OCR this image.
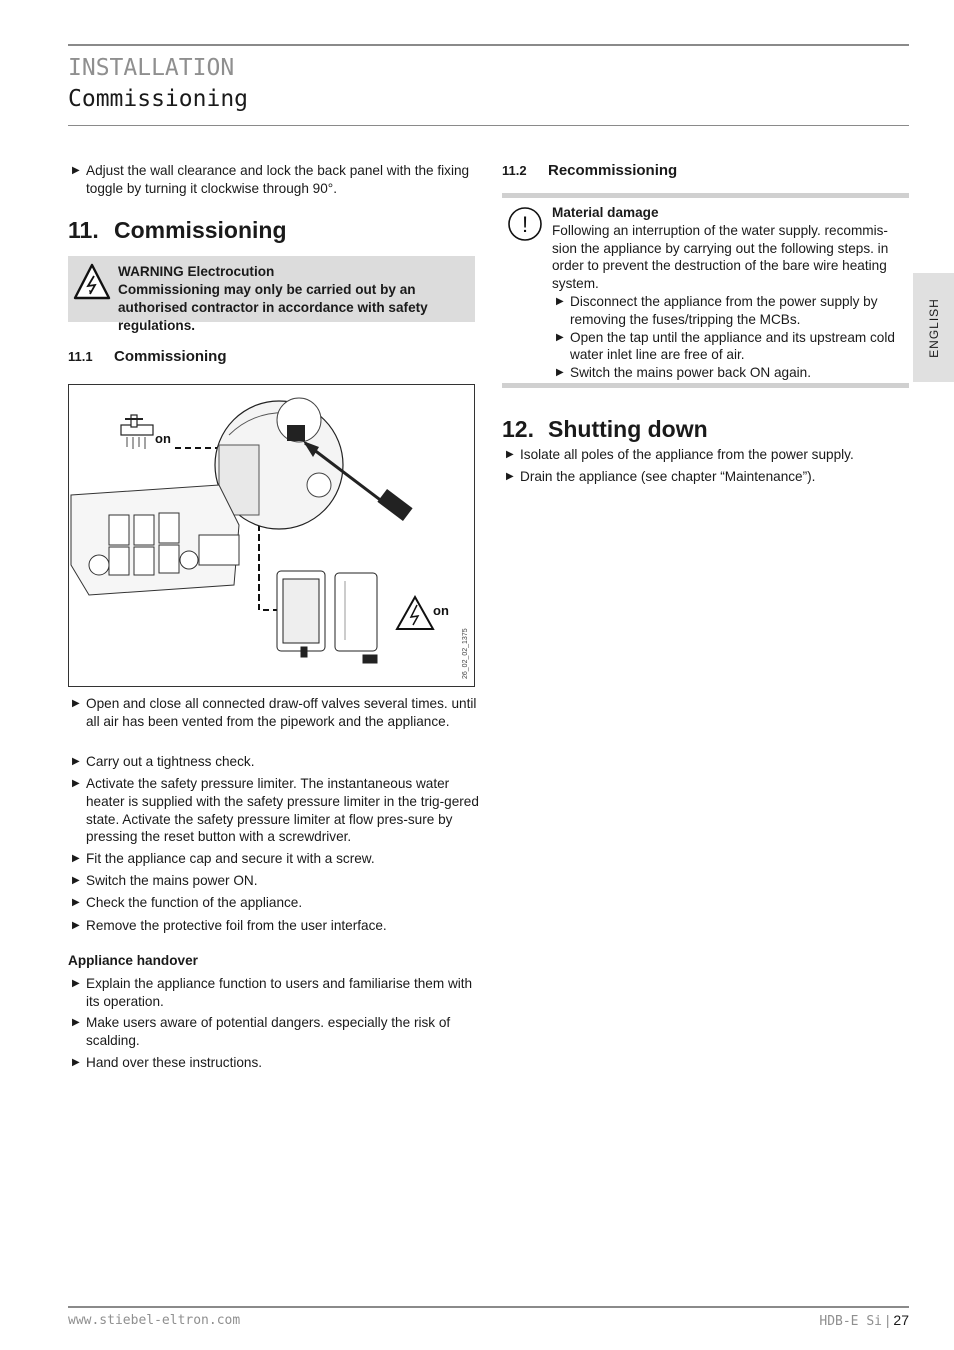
INSTALLATION
Commissioning
ENGLISH
▶ Adjust the wall clearance and lock the back panel with the fixing toggle by turning it clockwise through 90°.
11. Commissioning
WARNING Electrocution
Commissioning may only be carried out by an authorised contractor in accordance with safety regulations.
11.1 Commissioning
on
on
26_02_02_1375
▶ Open and close all connected draw-off valves several times. until all air has been vented from the pipework and the appliance.
▶ Carry out a tightness check.
▶ Activate the safety pressure limiter. The instantaneous water heater is supplied with the safety pressure limiter in the trig-gered state. Activate the safety pressure limiter at flow pres-sure by pressing the reset button with a screwdriver.
▶ Fit the appliance cap and secure it with a screw.
▶ Switch the mains power ON.
▶ Check the function of the appliance.
▶ Remove the protective foil from the user interface.
Appliance handover
▶ Explain the appliance function to users and familiarise them with its operation.
▶ Make users aware of potential dangers. especially the risk of scalding.
▶ Hand over these instructions.
11.2 Recommissioning
! Material damage
Following an interruption of the water supply. recommis-sion the appliance by carrying out the following steps. in order to prevent the destruction of the bare wire heating system.
▶ Disconnect the appliance from the power supply by removing the fuses/tripping the MCBs.
▶ Open the tap until the appliance and its upstream cold water inlet line are free of air.
▶ Switch the mains power back ON again.
12. Shutting down
▶ Isolate all poles of the appliance from the power supply.
▶ Drain the appliance (see chapter “Maintenance”).
www.stiebel-eltron.com	HDB-E Si | 27
